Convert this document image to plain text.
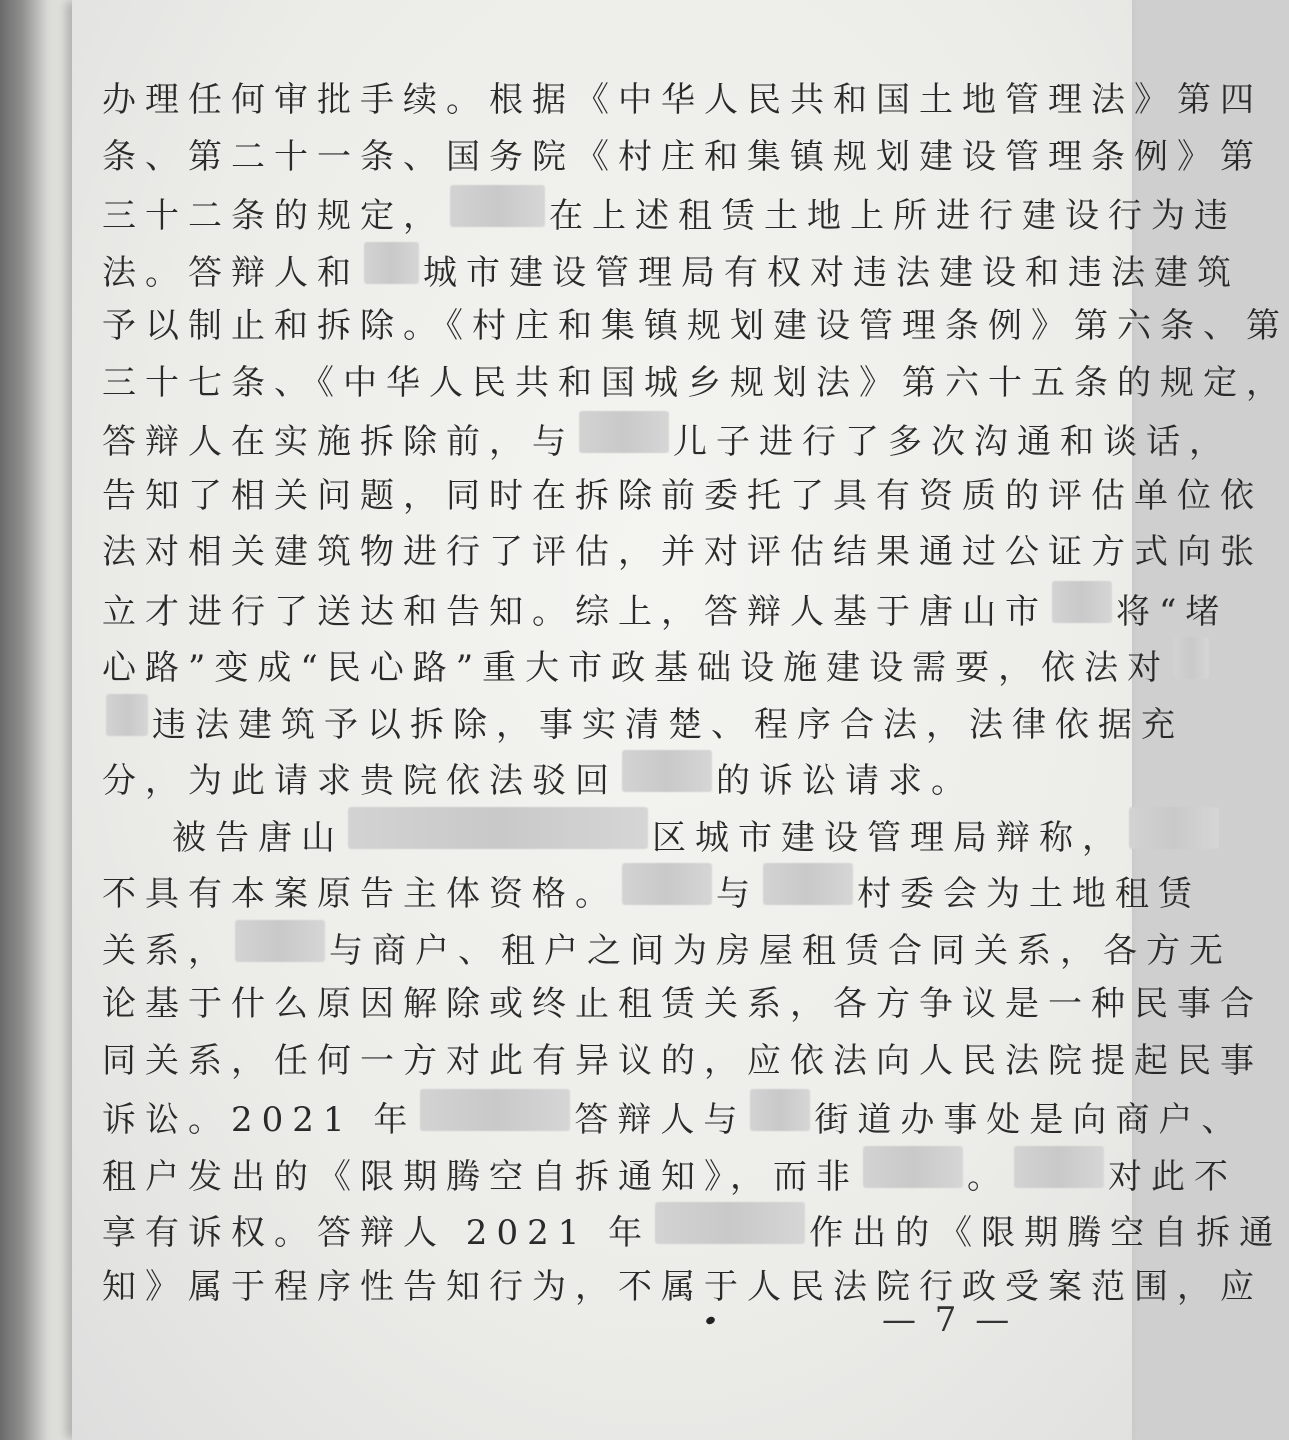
办理任何审批手续。根据《中华人民共和国土地管理法》第四
条、第二十一条、国务院《村庄和集镇规划建设管理条例》第
三十二条的规定，	在上述租赁土地上所进行建设行为违
法。答辩人和 城市建设管理局有权对违法建设和违法建筑
予以制止和拆除。《村庄和集镇规划建设管理条例》第六条、第
三十七条、《中华人民共和国城乡规划法》第六十五条的规定，
答辩人在实施拆除前，与	儿子进行了多次沟通和谈话，
告知了相关问题，同时在拆除前委托了具有资质的评估单位依
法对相关建筑物进行了评估，并对评估结果通过公证方式向张
立才进行了送达和告知。综上，答辩人基于唐山市 将“堵
心路”变成“民心路”重大市政基础设施建设需要，依法对
违法建筑予以拆除，事实清楚、程序合法，法律依据充
分，为此请求贵院依法驳回	的诉讼请求。
被告唐山	区城市建设管理局辩称，
不具有本案原告主体资格。	与	村委会为土地租赁
关系，	与商户、租户之间为房屋租赁合同关系，各方无
论基于什么原因解除或终止租赁关系，各方争议是一种民事合
同关系，任何一方对此有异议的，应依法向人民法院提起民事
诉讼。2021 年	答辩人与 街道办事处是向商户、
租户发出的《限期腾空自拆通知》，而非	。	对此不
享有诉权。答辩人 2021 年	作出的《限期腾空自拆通
知》属于程序性告知行为，不属于人民法院行政受案范围，应
— 7 —
